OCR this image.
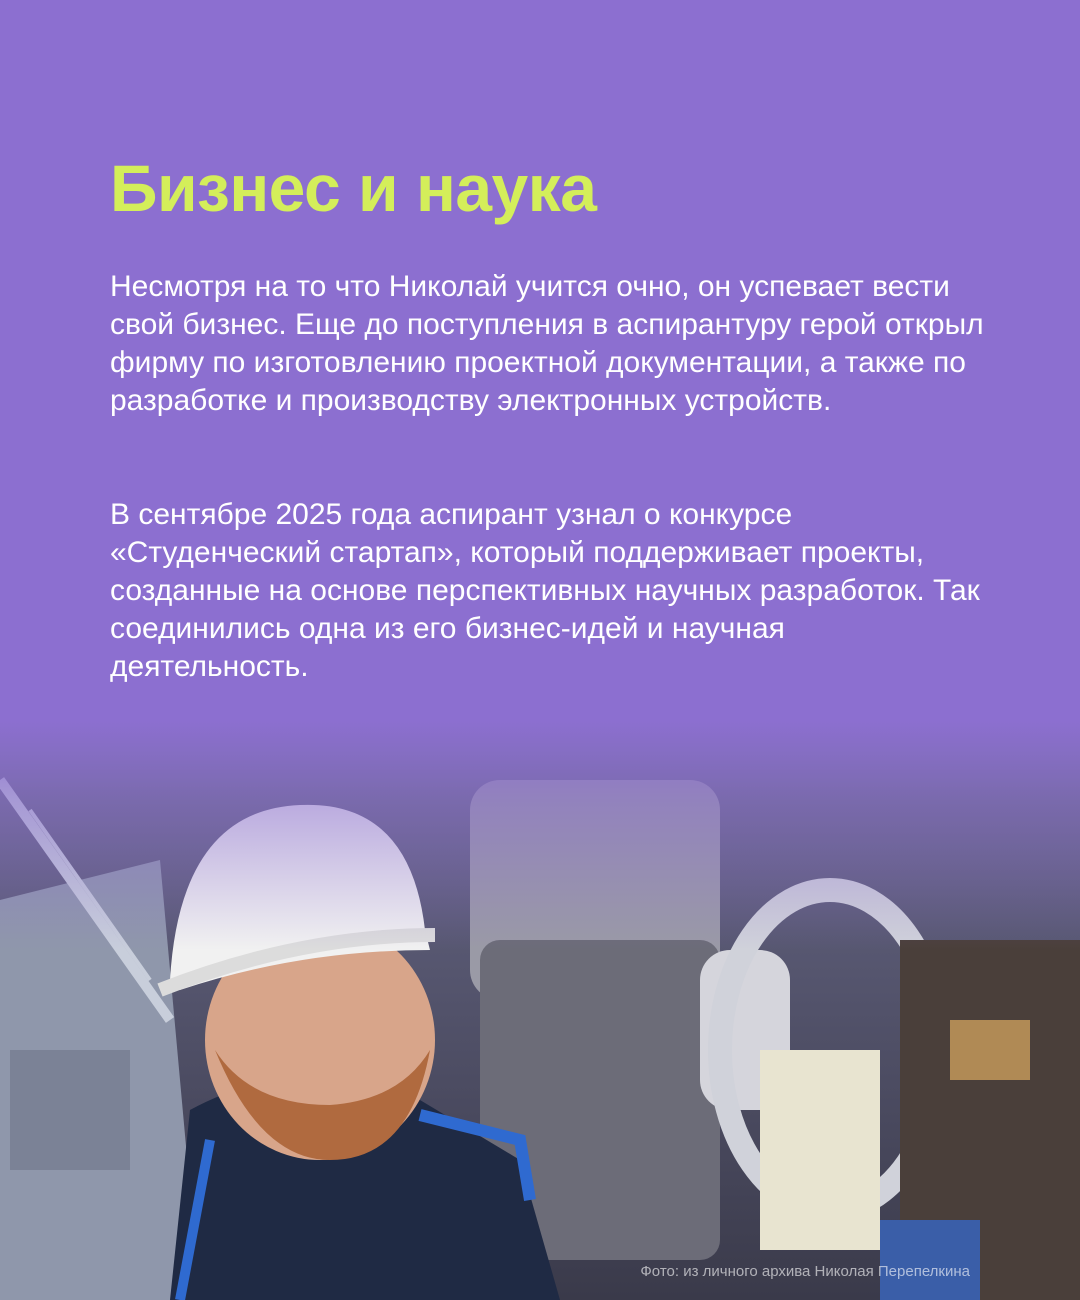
Бизнес и наука

Несмотря на то что Николай учится очно, он успевает вести свой бизнес. Еще до поступления в аспирантуру герой открыл фирму по изготовлению проектной документации, а также по разработке и производству электронных устройств.

В сентябре 2025 года аспирант узнал о конкурсе «Студенческий стартап», который поддерживает проекты, созданные на основе перспективных научных разработок. Так соединились одна из его бизнес-идей и научная деятельность.

Фото: из личного архива Николая Перепелкина
